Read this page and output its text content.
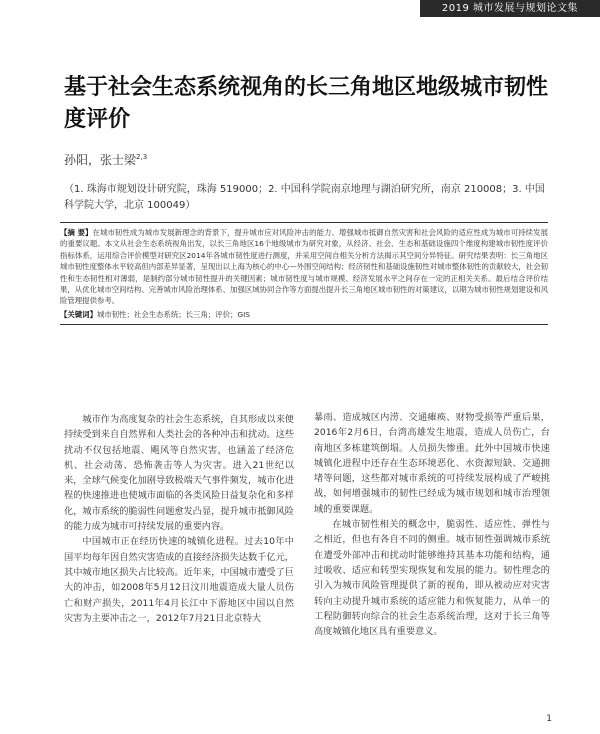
2019 城市发展与规划论文集
基于社会生态系统视角的长三角地区地级城市韧性度评价
孙阳，张士梁$^{2,3}$
（1. 珠海市规划设计研究院，珠海 519000；2. 中国科学院南京地理与湖泊研究所，南京 210008；3. 中国科学院大学，北京 100049）
【摘 要】在城市韧性成为城市发展新理念的背景下，提升城市应对风险冲击的能力、增强城市抵御自然灾害和社会风险的适应性成为城市可持续发展的重要议题。本文从社会生态系统视角出发，以长三角地区16个地级城市为研究对象，从经济、社会、生态和基础设施四个维度构建城市韧性度评价指标体系，运用综合评价模型对研究区2014年各城市韧性度进行测度，并采用空间自相关分析方法揭示其空间分异特征。研究结果表明：长三角地区城市韧性度整体水平较高但内部差异显著，呈现出以上海为核心的中心—外围空间结构；经济韧性和基础设施韧性对城市整体韧性的贡献较大，社会韧性和生态韧性相对薄弱，是制约部分城市韧性提升的关键因素；城市韧性度与城市规模、经济发展水平之间存在一定的正相关关系。最后结合评价结果，从优化城市空间结构、完善城市风险治理体系、加强区域协同合作等方面提出提升长三角地区城市韧性的对策建议，以期为城市韧性规划建设和风险管理提供参考。
【关键词】城市韧性；社会生态系统；长三角；评价；GIS

城市作为高度复杂的社会生态系统，自其形成以来便持续受到来自自然界和人类社会的各种冲击和扰动。这些扰动不仅包括地震、飓风等自然灾害，也涵盖了经济危机、社会动荡、恐怖袭击等人为灾害。进入21世纪以来，全球气候变化加剧导致极端天气事件频发，城市化进程的快速推进也使城市面临的各类风险日益复杂化和多样化，城市系统的脆弱性问题愈发凸显，提升城市抵御风险的能力成为城市可持续发展的重要内容。

中国城市正在经历快速的城镇化进程。过去10年中国平均每年因自然灾害造成的直接经济损失达数千亿元，其中城市地区损失占比较高。近年来，中国城市遭受了巨大的冲击，如2008年5月12日汶川地震造成大量人员伤亡和财产损失，2011年4月长江中下游地区中国以自然灾害为主要冲击之一，2012年7月21日北京特大

暴雨、造成城区内涝、交通瘫痪、财物受损等严重后果，2016年2月6日，台湾高雄发生地震，造成人员伤亡，台南地区多栋建筑倒塌。人员损失惨重。此外中国城市快速城镇化进程中还存在生态环境恶化、水资源短缺、交通拥堵等问题，这些都对城市系统的可持续发展构成了严峻挑战，如何增强城市的韧性已经成为城市规划和城市治理领域的重要课题。

在城市韧性相关的概念中，脆弱性、适应性、弹性与之相近，但也有各自不同的侧重。城市韧性强调城市系统在遭受外部冲击和扰动时能够维持其基本功能和结构，通过吸收、适应和转型实现恢复和发展的能力。韧性理念的引入为城市风险管理提供了新的视角，即从被动应对灾害转向主动提升城市系统的适应能力和恢复能力，从单一的工程防御转向综合的社会生态系统治理，这对于长三角等高度城镇化地区具有重要意义。

1
